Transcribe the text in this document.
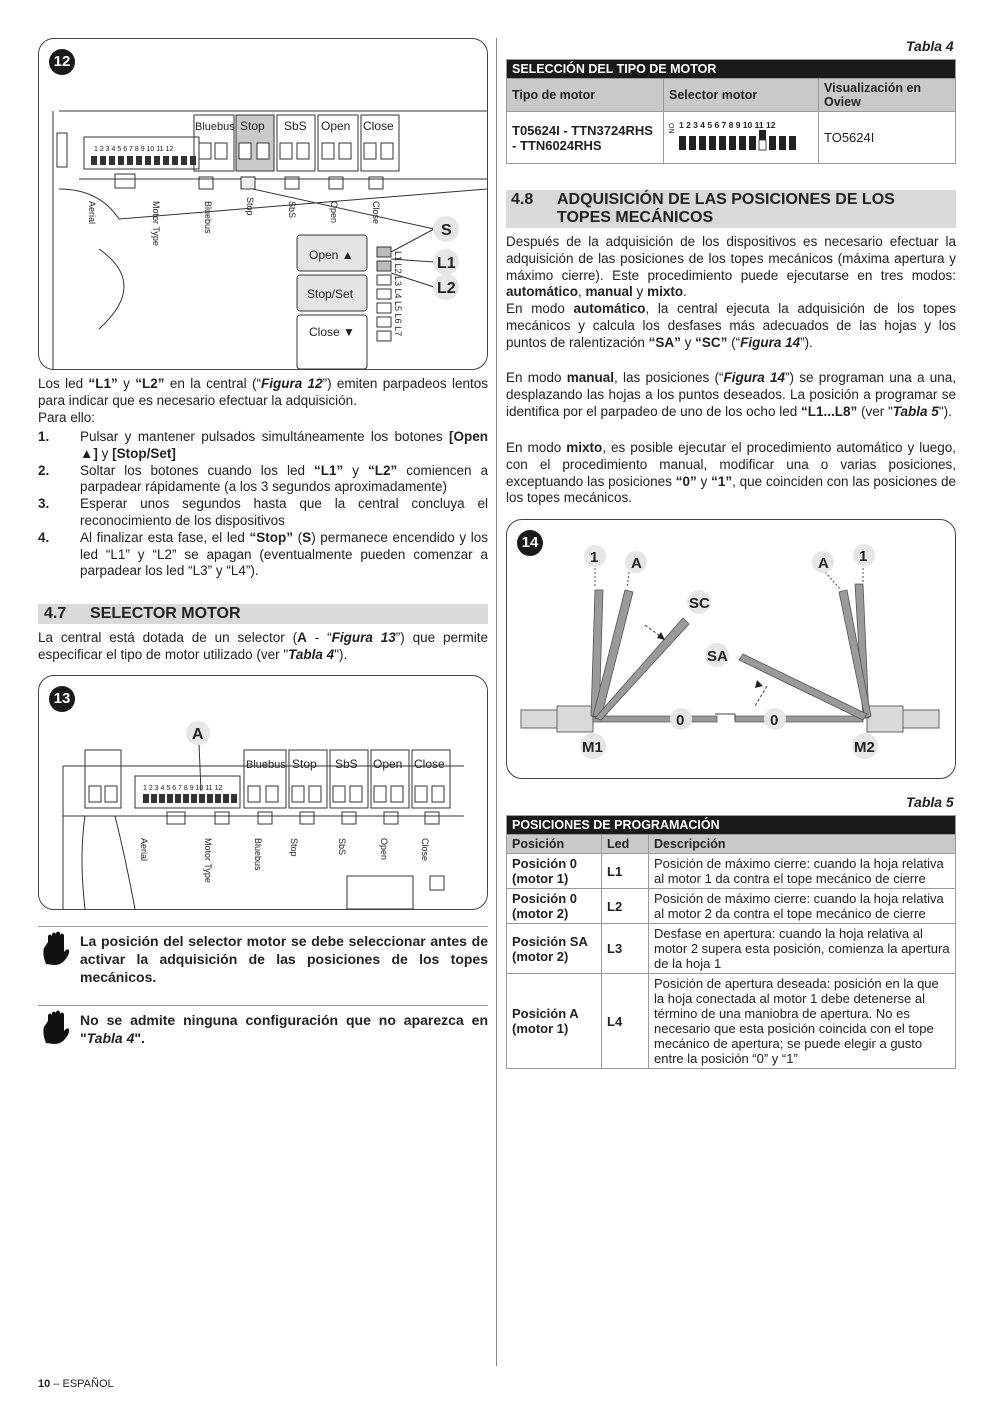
12
Bluebus Stop SbS Open Close
1 2 3 4 5 6 7 8 9 10 11 12
Aerial	Motor Type	Bluebus	Stop	SbS	Open	Close
Open ▲
Stop/Set
Close ▼	L1 L2 L3 L4 L5 L6 L7
S
L1
L2
Los led “L1” y “L2” en la central (“Figura 12”) emiten parpadeos lentos para indicar que es necesario efectuar la adquisición.
Para ello:
1.	Pulsar y mantener pulsados simultáneamente los botones [Open ▲] y [Stop/Set]
2.	Soltar los botones cuando los led “L1” y “L2” comiencen a parpadear rápidamente (a los 3 segundos aproximadamente)
3.	Esperar unos segundos hasta que la central concluya el reconocimiento de los dispositivos
4.	Al finalizar esta fase, el led “Stop” (S) permanece encendido y los led “L1” y “L2” se apagan (eventualmente pueden comenzar a parpadear los led “L3” y “L4”).
4.7 SELECTOR MOTOR
La central está dotada de un selector (A - “Figura 13”) que permite especificar el tipo de motor utilizado (ver "Tabla 4").
13
Bluebus Stop SbS Open Close
1 2 3 4 5 6 7 8 9 10 11 12
Aerial	Motor Type	Bluebus	Stop	SbS	Open	Close
A
La posición del selector motor se debe seleccionar antes de activar la adquisición de las posiciones de los topes mecánicos.
No se admite ninguna configuración que no aparezca en "Tabla 4".
Tabla 4
SELECCIÓN DEL TIPO DE MOTOR		
Tipo de motor	Selector motor	Visualización en Oview
T05624I - TTN3724RHS - TTN6024RHS	ON 1 2 3 4 5 6 7 8 9 10 11 12	TO5624I
4.8	ADQUISICIÓN DE LAS POSICIONES DE LOS TOPES MECÁNICOS
Después de la adquisición de los dispositivos es necesario efectuar la adquisición de las posiciones de los topes mecánicos (máxima apertura y máximo cierre). Este procedimiento puede ejecutarse en tres modos: automático, manual y mixto.
En modo automático, la central ejecuta la adquisición de los topes mecánicos y calcula los desfases más adecuados de las hojas y los puntos de ralentización “SA” y “SC” (“Figura 14”).
En modo manual, las posiciones (“Figura 14”) se programan una a una, desplazando las hojas a los puntos deseados. La posición a programar se identifica por el parpadeo de uno de los ocho led “L1...L8” (ver "Tabla 5").
En modo mixto, es posible ejecutar el procedimiento automático y luego, con el procedimiento manual, modificar una o varias posiciones, exceptuando las posiciones “0” y “1”, que coinciden con las posiciones de los topes mecánicos.
14
1 A	A 1
SC
SA
0	0
M1	M2
Tabla 5
POSICIONES DE PROGRAMACIÓN		
Posición	Led	Descripción
Posición 0 (motor 1)	L1	Posición de máximo cierre: cuando la hoja relativa al motor 1 da contra el tope mecánico de cierre
Posición 0 (motor 2)	L2	Posición de máximo cierre: cuando la hoja relativa al motor 2 da contra el tope mecánico de cierre
Posición SA (motor 2)	L3	Desfase en apertura: cuando la hoja relativa al motor 2 supera esta posición, comienza la apertura de la hoja 1
Posición A (motor 1)	L4	Posición de apertura deseada: posición en la que la hoja conectada al motor 1 debe detenerse al término de una maniobra de apertura. No es necesario que esta posición coincida con el tope mecánico de apertura; se puede elegir a gusto entre la posición “0” y “1”
10 – ESPAÑOL
